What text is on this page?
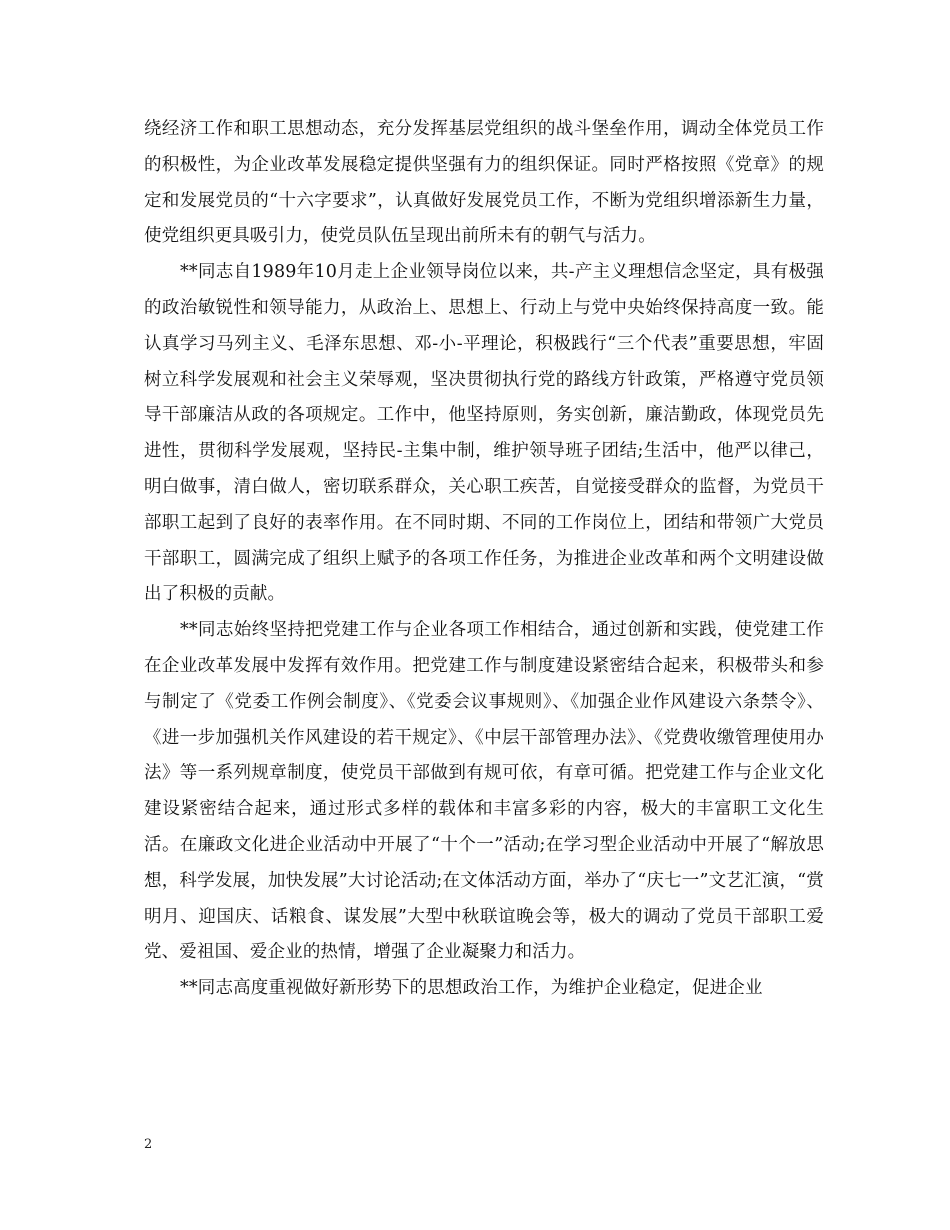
绕经济工作和职工思想动态，充分发挥基层党组织的战斗堡垒作用，调动全体党员工作的积极性，为企业改革发展稳定提供坚强有力的组织保证。同时严格按照《党章》的规定和发展党员的“十六字要求”，认真做好发展党员工作，不断为党组织增添新生力量，使党组织更具吸引力，使党员队伍呈现出前所未有的朝气与活力。

**同志自1989年10月走上企业领导岗位以来，共-产主义理想信念坚定，具有极强的政治敏锐性和领导能力，从政治上、思想上、行动上与党中央始终保持高度一致。能认真学习马列主义、毛泽东思想、邓-小-平理论，积极践行“三个代表”重要思想，牢固树立科学发展观和社会主义荣辱观，坚决贯彻执行党的路线方针政策，严格遵守党员领导干部廉洁从政的各项规定。工作中，他坚持原则，务实创新，廉洁勤政，体现党员先进性，贯彻科学发展观，坚持民-主集中制，维护领导班子团结;生活中，他严以律己，明白做事，清白做人，密切联系群众，关心职工疾苦，自觉接受群众的监督，为党员干部职工起到了良好的表率作用。在不同时期、不同的工作岗位上，团结和带领广大党员干部职工，圆满完成了组织上赋予的各项工作任务，为推进企业改革和两个文明建设做出了积极的贡献。

**同志始终坚持把党建工作与企业各项工作相结合，通过创新和实践，使党建工作在企业改革发展中发挥有效作用。把党建工作与制度建设紧密结合起来，积极带头和参与制定了《党委工作例会制度》、《党委会议事规则》、《加强企业作风建设六条禁令》、《进一步加强机关作风建设的若干规定》、《中层干部管理办法》、《党费收缴管理使用办法》等一系列规章制度，使党员干部做到有规可依，有章可循。把党建工作与企业文化建设紧密结合起来，通过形式多样的载体和丰富多彩的内容，极大的丰富职工文化生活。在廉政文化进企业活动中开展了“十个一”活动;在学习型企业活动中开展了“解放思想，科学发展，加快发展”大讨论活动;在文体活动方面，举办了“庆七一”文艺汇演，“赏明月、迎国庆、话粮食、谋发展”大型中秋联谊晚会等，极大的调动了党员干部职工爱党、爱祖国、爱企业的热情，增强了企业凝聚力和活力。

**同志高度重视做好新形势下的思想政治工作，为维护企业稳定，促进企业

2
